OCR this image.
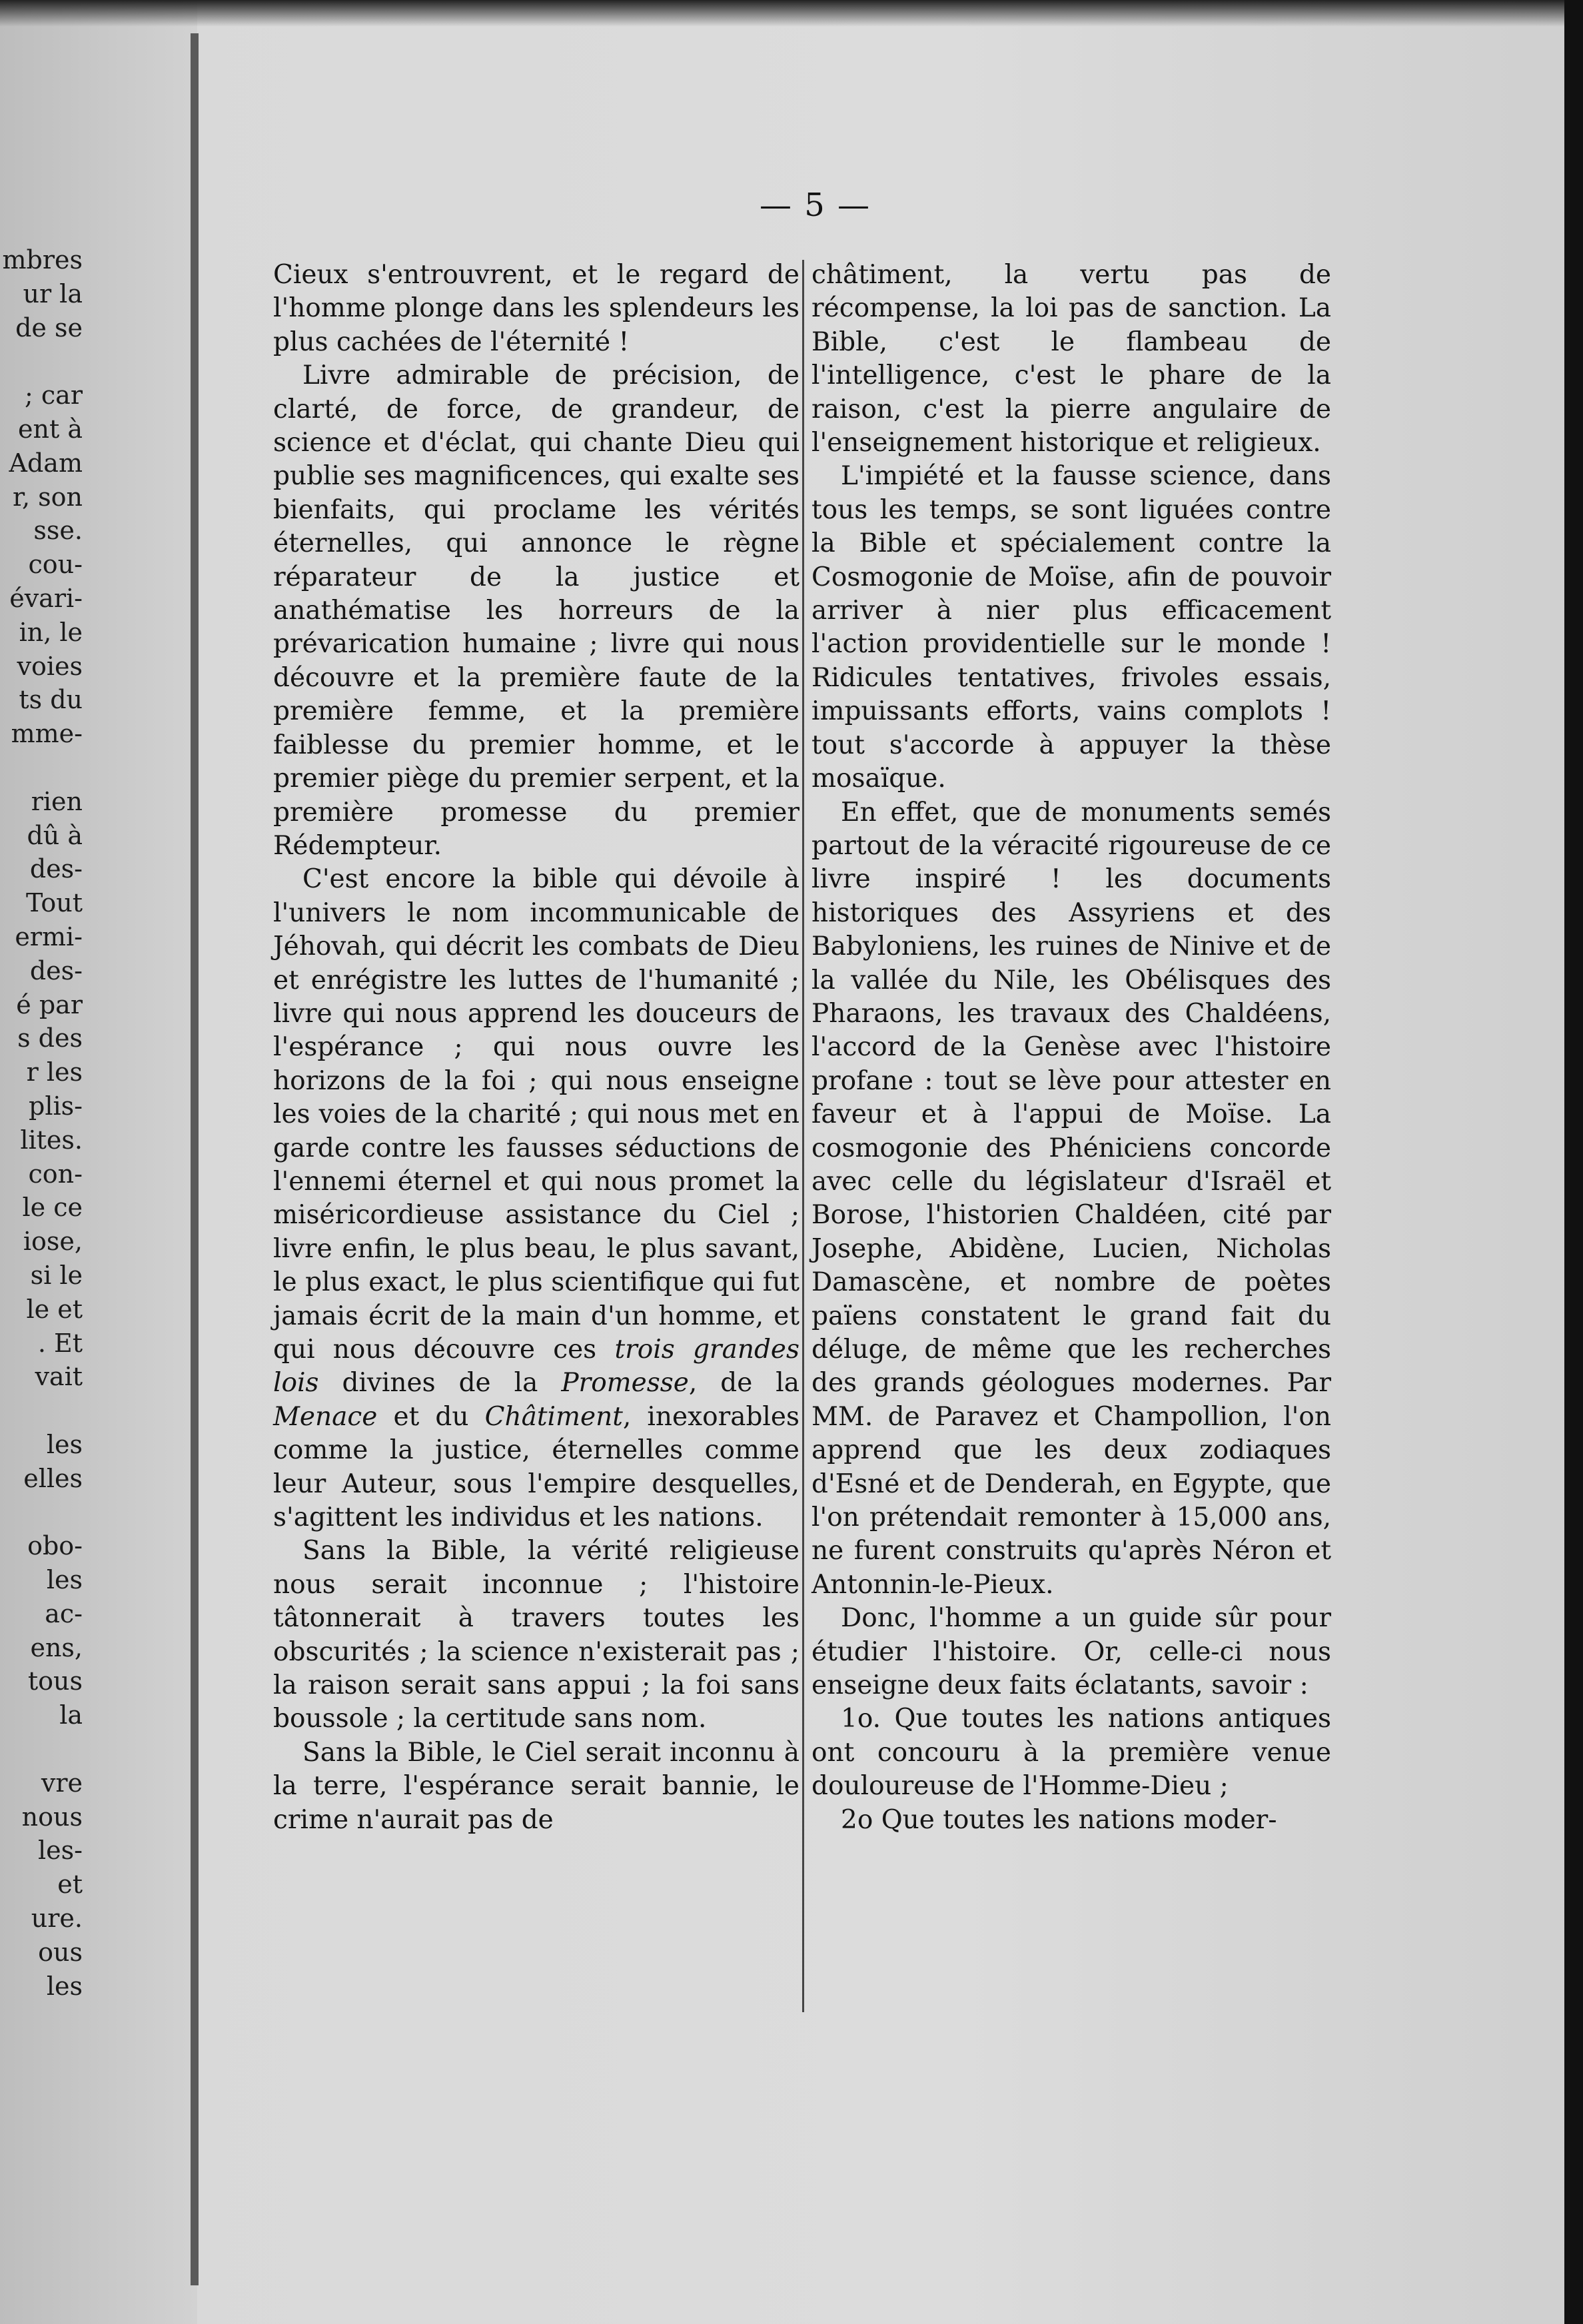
mbres
ur la
de se

; car
ent à
Adam
r, son
sse.
cou-
évari-
in, le
voies
ts du
mme-

rien
dû à
des-
Tout
ermi-
des-
é par
s des
r les
plis-
lites.
con-
le ce
iose,
si le
le et
. Et
vait

les
elles

obo-
les
ac-
ens,
tous
la

vre
nous
les-
et
ure.
ous
les
— 5 —

Cieux s'entrouvrent, et le regard de l'homme plonge dans les splendeurs les plus cachées de l'éternité !

Livre admirable de précision, de clarté, de force, de grandeur, de science et d'éclat, qui chante Dieu qui publie ses magnificences, qui exalte ses bienfaits, qui proclame les vérités éternelles, qui annonce le règne réparateur de la justice et anathématise les horreurs de la prévarication humaine ; livre qui nous découvre et la première faute de la première femme, et la première faiblesse du premier homme, et le premier piège du premier serpent, et la première promesse du premier Rédempteur.

C'est encore la bible qui dévoile à l'univers le nom incommunicable de Jéhovah, qui décrit les combats de Dieu et enrégistre les luttes de l'humanité ; livre qui nous apprend les douceurs de l'espérance ; qui nous ouvre les horizons de la foi ; qui nous enseigne les voies de la charité ; qui nous met en garde contre les fausses séductions de l'ennemi éternel et qui nous promet la miséricordieuse assistance du Ciel ; livre enfin, le plus beau, le plus savant, le plus exact, le plus scientifique qui fut jamais écrit de la main d'un homme, et qui nous découvre ces trois grandes lois divines de la Promesse, de la Menace et du Châtiment, inexorables comme la justice, éternelles comme leur Auteur, sous l'empire desquelles, s'agittent les individus et les nations.

Sans la Bible, la vérité religieuse nous serait inconnue ; l'histoire tâtonnerait à travers toutes les obscurités ; la science n'existerait pas ; la raison serait sans appui ; la foi sans boussole ; la certitude sans nom.

Sans la Bible, le Ciel serait inconnu à la terre, l'espérance serait bannie, le crime n'aurait pas de

châtiment, la vertu pas de récompense, la loi pas de sanction. La Bible, c'est le flambeau de l'intelligence, c'est le phare de la raison, c'est la pierre angulaire de l'enseignement historique et religieux.

L'impiété et la fausse science, dans tous les temps, se sont liguées contre la Bible et spécialement contre la Cosmogonie de Moïse, afin de pouvoir arriver à nier plus efficacement l'action providentielle sur le monde ! Ridicules tentatives, frivoles essais, impuissants efforts, vains complots ! tout s'accorde à appuyer la thèse mosaïque.

En effet, que de monuments semés partout de la véracité rigoureuse de ce livre inspiré ! les documents historiques des Assyriens et des Babyloniens, les ruines de Ninive et de la vallée du Nile, les Obélisques des Pharaons, les travaux des Chaldéens, l'accord de la Genèse avec l'histoire profane : tout se lève pour attester en faveur et à l'appui de Moïse. La cosmogonie des Phéniciens concorde avec celle du législateur d'Israël et Borose, l'historien Chaldéen, cité par Josephe, Abidène, Lucien, Nicholas Damascène, et nombre de poètes païens constatent le grand fait du déluge, de même que les recherches des grands géologues modernes. Par MM. de Paravez et Champollion, l'on apprend que les deux zodiaques d'Esné et de Denderah, en Egypte, que l'on prétendait remonter à 15,000 ans, ne furent construits qu'après Néron et Antonnin-le-Pieux.

Donc, l'homme a un guide sûr pour étudier l'histoire. Or, celle-ci nous enseigne deux faits éclatants, savoir :

1o. Que toutes les nations antiques ont concouru à la première venue douloureuse de l'Homme-Dieu ;

2o Que toutes les nations moder-
